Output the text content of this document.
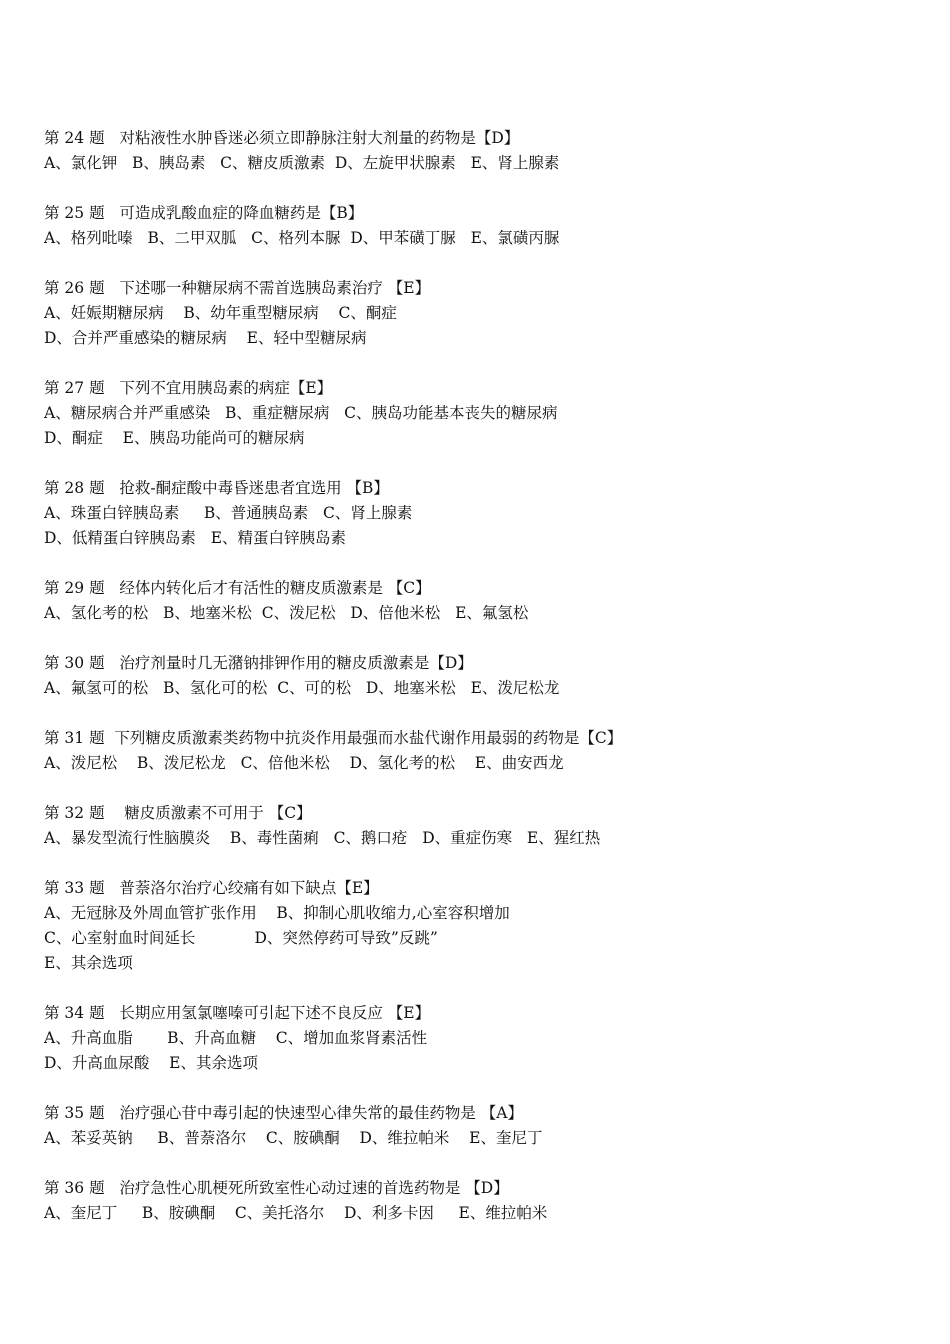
第 24 题   对粘液性水肿昏迷必须立即静脉注射大剂量的药物是【D】
A、氯化钾   B、胰岛素   C、糖皮质激素  D、左旋甲状腺素   E、肾上腺素
第 25 题   可造成乳酸血症的降血糖药是【B】
A、格列吡嗪   B、二甲双胍   C、格列本脲  D、甲苯磺丁脲   E、氯磺丙脲
第 26 题   下述哪一种糖尿病不需首选胰岛素治疗 【E】
A、妊娠期糖尿病    B、幼年重型糖尿病    C、酮症
D、合并严重感染的糖尿病    E、轻中型糖尿病
第 27 题   下列不宜用胰岛素的病症【E】
A、糖尿病合并严重感染   B、重症糖尿病   C、胰岛功能基本丧失的糖尿病
D、酮症    E、胰岛功能尚可的糖尿病
第 28 题   抢救-酮症酸中毒昏迷患者宜选用 【B】
A、珠蛋白锌胰岛素     B、普通胰岛素   C、肾上腺素
D、低精蛋白锌胰岛素   E、精蛋白锌胰岛素
第 29 题   经体内转化后才有活性的糖皮质激素是 【C】
A、氢化考的松   B、地塞米松  C、泼尼松   D、倍他米松   E、氟氢松
第 30 题   治疗剂量时几无潴钠排钾作用的糖皮质激素是【D】
A、氟氢可的松   B、氢化可的松  C、可的松   D、地塞米松   E、泼尼松龙
第 31 题  下列糖皮质激素类药物中抗炎作用最强而水盐代谢作用最弱的药物是【C】
A、泼尼松    B、泼尼松龙   C、倍他米松    D、氢化考的松    E、曲安西龙
第 32 题    糖皮质激素不可用于 【C】
A、暴发型流行性脑膜炎    B、毒性菌痢   C、鹅口疮   D、重症伤寒   E、猩红热
第 33 题   普萘洛尔治疗心绞痛有如下缺点【E】
A、无冠脉及外周血管扩张作用    B、抑制心肌收缩力,心室容积增加
C、心室射血时间延长            D、突然停药可导致”反跳”
E、其余选项
第 34 题   长期应用氢氯噻嗪可引起下述不良反应 【E】
A、升高血脂       B、升高血糖    C、增加血浆肾素活性
D、升高血尿酸    E、其余选项
第 35 题   治疗强心苷中毒引起的快速型心律失常的最佳药物是 【A】
A、苯妥英钠     B、普萘洛尔    C、胺碘酮    D、维拉帕米    E、奎尼丁
第 36 题   治疗急性心肌梗死所致室性心动过速的首选药物是 【D】
A、奎尼丁     B、胺碘酮    C、美托洛尔    D、利多卡因     E、维拉帕米
